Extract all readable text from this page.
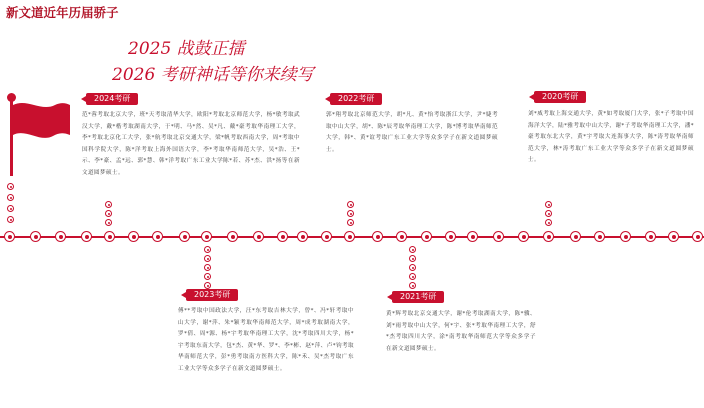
新文道近年历届骄子
2025 战鼓正擂
2026 考研神话等你来续写
2024考研
2023考研
2022考研
2021考研
2020考研
范*蓉考取北京大学，班*天考取清华大学，欧阳*考取北京师范大学，杨*敏考取武汉大学，戴*楷考取湖南大学，于*明、马*然、吴*凡、戴*豪考取华南理工大学，李*考取北京化工大学，张*航考取北京交通大学，梁*帆考取西南大学，周*考取中国科学院大学，陈*洋考取上海外国语大学，李*考取华南师范大学，吴*浩、王*示、李*豪、孟*远、郭*慧、韩*洋考取广东工业大学陈*若、苏*杰、洪*扬等在新文道圆梦硕士。
傅**考取中国政法大学，汪*东考取吉林大学，曾*、冯*轩考取中山大学，谢*萍、朱*颖考取华南师范大学，周*成考取湖南大学，罗*倩、周*源、杨*宇考取华南理工大学，沈*考取四川大学，杨*宇考取东南大学，包*杰、黄*华、罗*、李*彬、赵*萍、卢*钧考取华南师范大学，彭*勇考取南方医科大学，陈*禾、吴*杰考取广东工业大学等众多学子在新文道圆梦硕士。
郭*翔考取北京师范大学，胡*凡、黄*怡考取浙江大学，尹*婕考取中山大学，胡*、陈*辰考取华南理工大学，陈*博考取华南师范大学，韩*、黄*谊考取广东工业大学等众多学子在新文道圆梦硕士。
黄*辉考取北京交通大学，谢*伦考取湖南大学，陈*骥、刘*雨考取中山大学，何*宇、张*考取华南理工大学，舒*杰考取四川大学，涂*南考取华南师范大学等众多学子在新文道圆梦硕士。
刘*威考取上海交通大学，黄*如考取厦门大学，张*子考取中国海洋大学，陆*雅考取中山大学，谢*子考取华南理工大学，潘*豪考取东北大学，黄*宇考取大连海事大学，陈*涛考取华南师范大学，林*涛考取广东工业大学等众多学子在新文道圆梦硕士。
